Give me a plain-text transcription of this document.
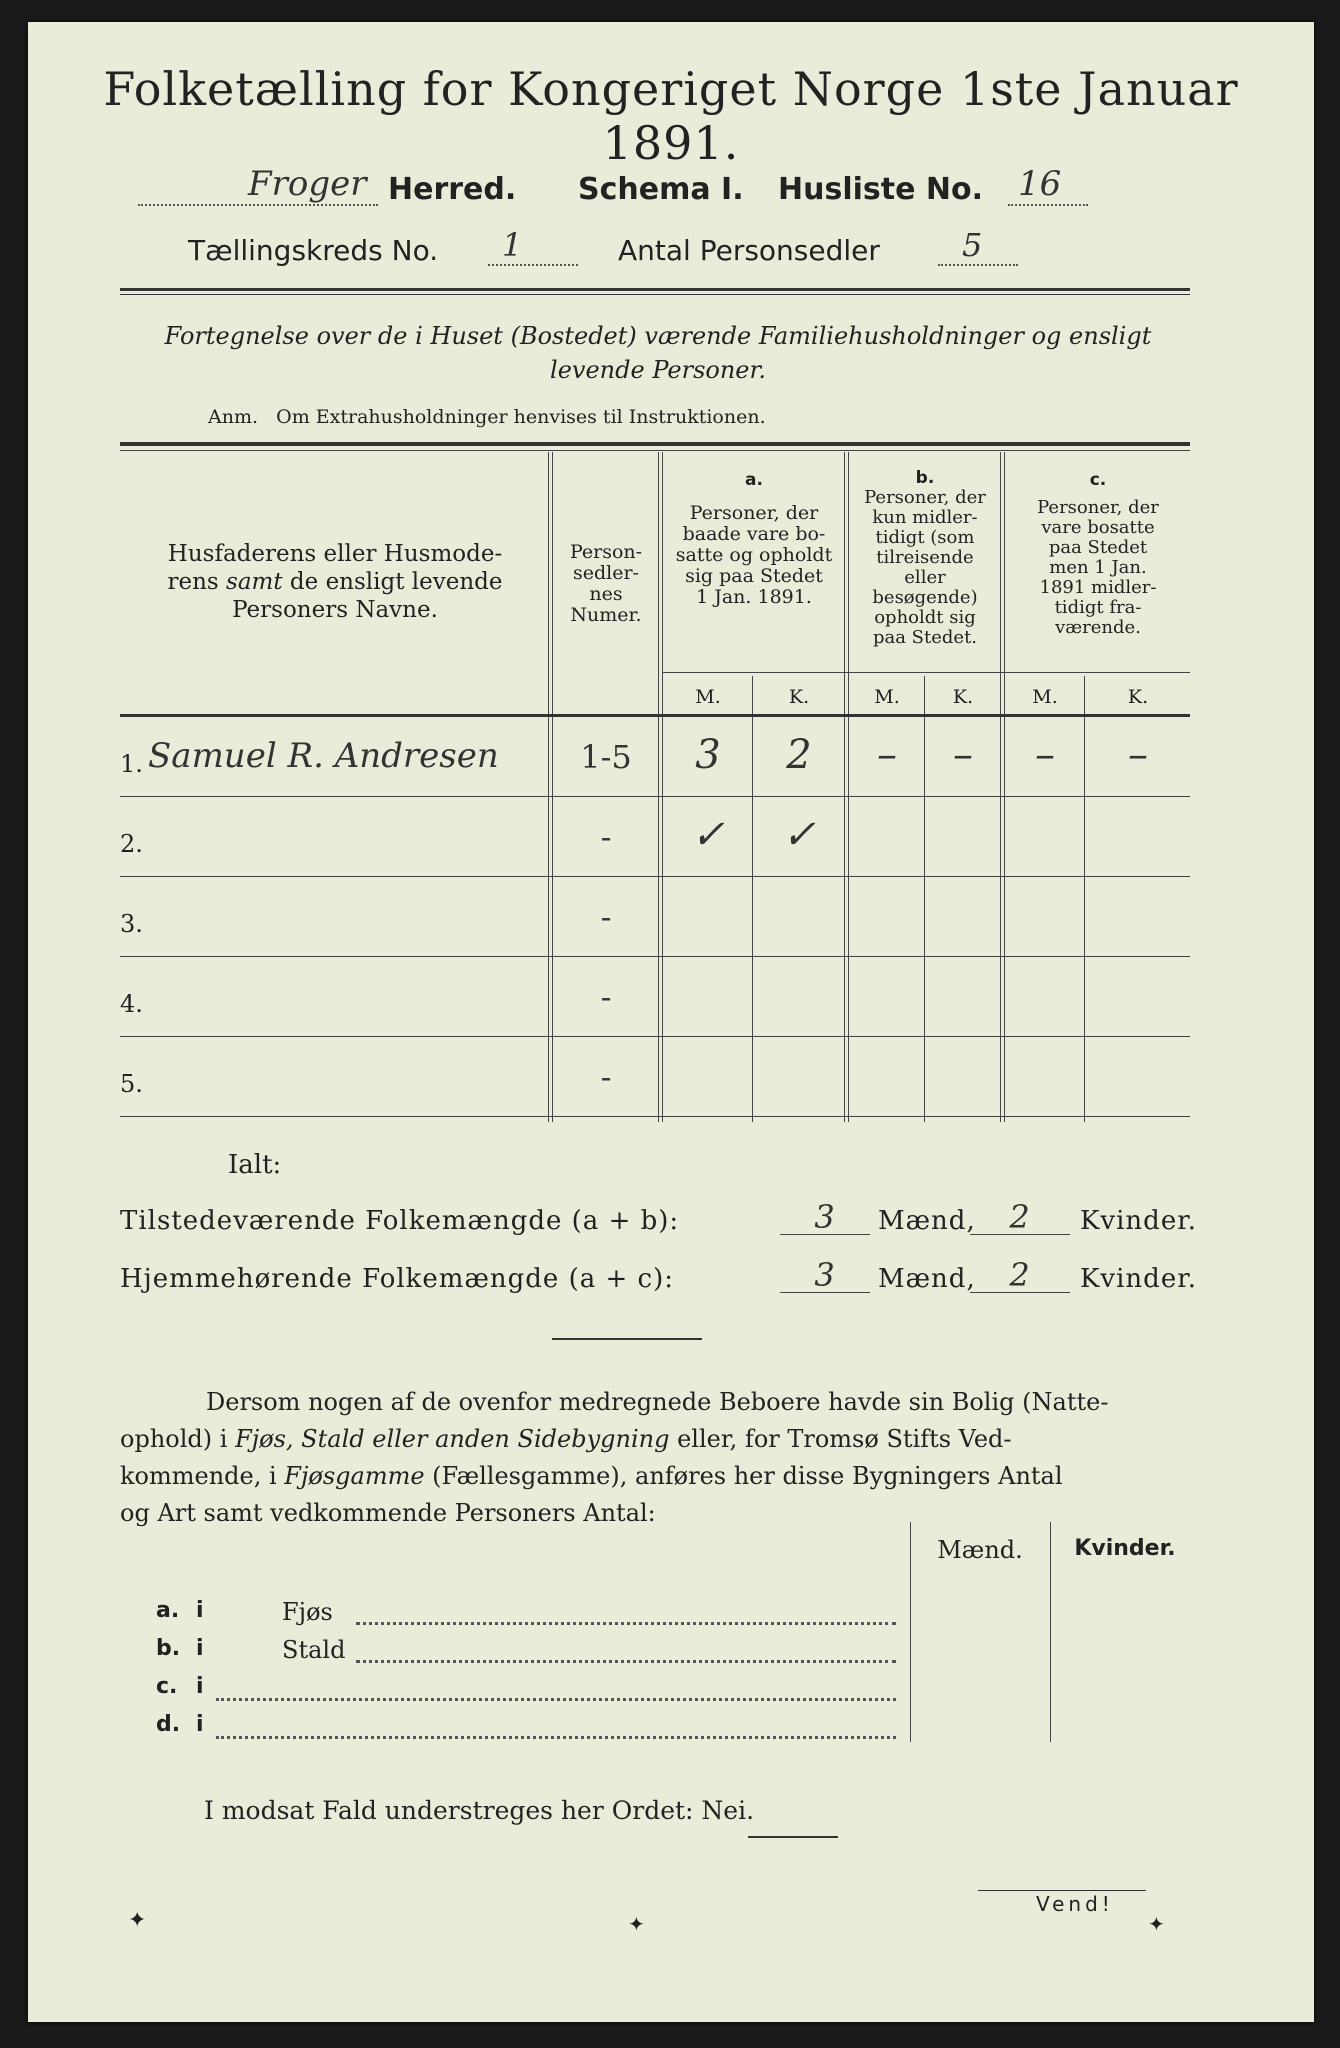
Folketælling for Kongeriget Norge 1ste Januar 1891.
Froger Herred. Schema I. Husliste No. 16
Tællingskreds No. 1	Antal Personsedler	5
Fortegnelse over de i Huset (Bostedet) værende Familiehusholdninger og ensligt
levende Personer.
Anm. Om Extrahusholdninger henvises til Instruktionen.
Husfaderens eller Husmode-
rens samt de ensligt levende
Personers Navne.
Person-
sedler-
nes
Numer.
a.
Personer, der
baade vare bo-
satte og opholdt
sig paa Stedet
1 Jan. 1891.
b.
Personer, der
kun midler-
tidigt (som
tilreisende
eller
besøgende)
opholdt sig
paa Stedet.
c.
Personer, der
vare bosatte
paa Stedet
men 1 Jan.
1891 midler-
tidigt fra-
værende.
M.	K.	M.	K.	M.	K.
1. Samuel R. Andresen	1-5	3	2	–	–	–	–
2.	-	✓	✓
3.	-
4.	-
5.	-
Ialt:
Tilstedeværende Folkemængde (a + b):	3	Mænd,	2	Kvinder.
Hjemmehørende Folkemængde (a + c):	3	Mænd,	2	Kvinder.
Dersom nogen af de ovenfor medregnede Beboere havde sin Bolig (Natte-
ophold) i Fjøs, Stald eller anden Sidebygning eller, for Tromsø Stifts Ved-
kommende, i Fjøsgamme (Fællesgamme), anføres her disse Bygningers Antal
og Art samt vedkommende Personers Antal:
Mænd.	Kvinder.
a. i	Fjøs
b. i	Stald
c. i
d. i
I modsat Fald understreges her Ordet: Nei.
Vend!
✦	✦	✦
